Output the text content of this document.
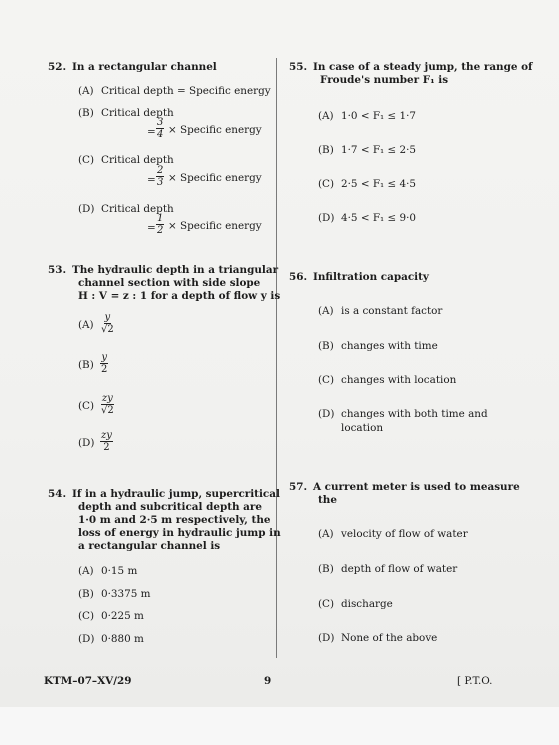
52. In a rectangular channel
(A) Critical depth = Specific energy
(B) Critical depth
= $\frac{3}{4}$ × Specific energy
(C) Critical depth
= $\frac{2}{3}$ × Specific energy
(D) Critical depth
= $\frac{1}{2}$ × Specific energy
53. The hydraulic depth in a triangular
channel section with side slope
H : V = z : 1 for a depth of flow y is
$(A) \frac{y}{√2}$
$(B) \frac{y}{2}$
$(C) \frac{zy}{√2}$
$(D) \frac{zy}{2}$
54. If in a hydraulic jump, supercritical
depth and subcritical depth are
1·0 m and 2·5 m respectively, the
loss of energy in hydraulic jump in
a rectangular channel is
(A) 0·15 m
(B) 0·3375 m
(C) 0·225 m
(D) 0·880 m
55. In case of a steady jump, the range of
Froude's number F₁ is
(A) 1·0 < F₁ ≤ 1·7
(B) 1·7 < F₁ ≤ 2·5
(C) 2·5 < F₁ ≤ 4·5
(D) 4·5 < F₁ ≤ 9·0
56. Infiltration capacity
(A) is a constant factor
(B) changes with time
(C) changes with location
(D) changes with both time and
location
57. A current meter is used to measure
the
(A) velocity of flow of water
(B) depth of flow of water
(C) discharge
(D) None of the above
KTM–07–XV/29	9	[ P.T.O.
